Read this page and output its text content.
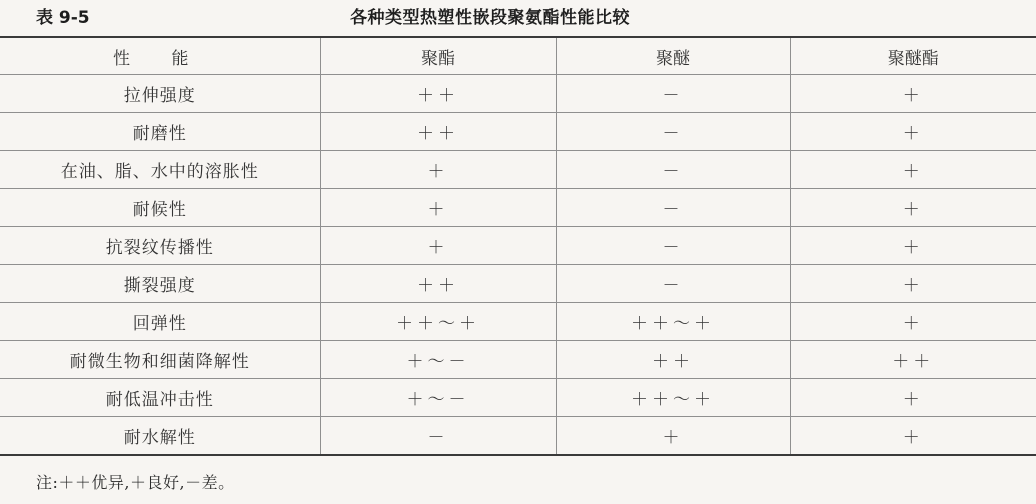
表 9-5	各种类型热塑性嵌段聚氨酯性能比较
性 能	聚酯	聚醚	聚醚酯
拉伸强度	＋＋	－	＋
耐磨性	＋＋	－	＋
在油、脂、水中的溶胀性	＋	－	＋
耐候性	＋	－	＋
抗裂纹传播性	＋	－	＋
撕裂强度	＋＋	－	＋
回弹性	＋＋～＋	＋＋～＋	＋
耐微生物和细菌降解性	＋～－	＋＋	＋＋
耐低温冲击性	＋～－	＋＋～＋	＋
耐水解性	－	＋	＋
注:＋＋优异,＋良好,－差。
